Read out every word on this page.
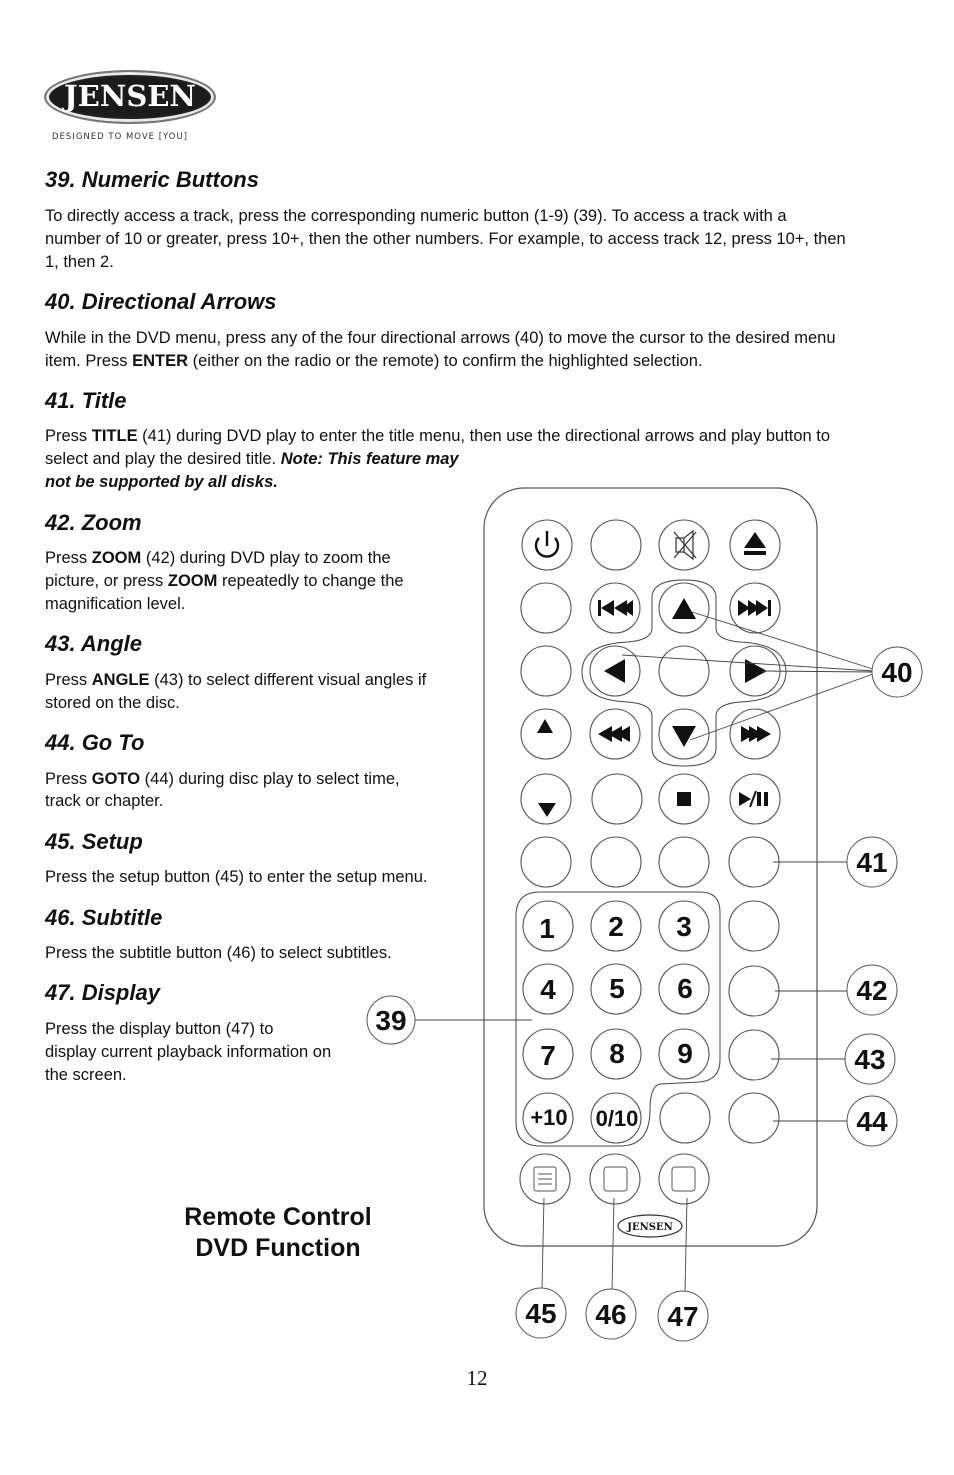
JENSEN
DESIGNED TO MOVE [YOU]
39. Numeric Buttons

To directly access a track, press the corresponding numeric button (1-9) (39). To access a track with a

number of 10 or greater, press 10+, then the other numbers. For example, to access track 12, press 10+, then

1, then 2.

40. Directional Arrows

While in the DVD menu, press any of the four directional arrows (40) to move the cursor to the desired menu

item. Press ENTER (either on the radio or the remote) to confirm the highlighted selection.

41. Title

Press TITLE (41) during DVD play to enter the title menu, then use the directional arrows and play button to

select and play the desired title. Note: This feature may

not be supported by all disks.

42. Zoom

Press ZOOM (42) during DVD play to zoom the

picture, or press ZOOM repeatedly to change the

magnification level.

43. Angle

Press ANGLE (43) to select different visual angles if

stored on the disc.

44. Go To

Press GOTO (44) during disc play to select time,

track or chapter.

45. Setup

Press the setup button (45) to enter the setup menu.

46. Subtitle

Press the subtitle button (46) to select subtitles.

47. Display

Press the display button (47) to

display current playback information on

the screen.

Remote Control
DVD Function
1 2 3
4 5 6
7 8 9
+10 0/10
JENSEN
39
40
41
42
43
44
45 46 47
12
